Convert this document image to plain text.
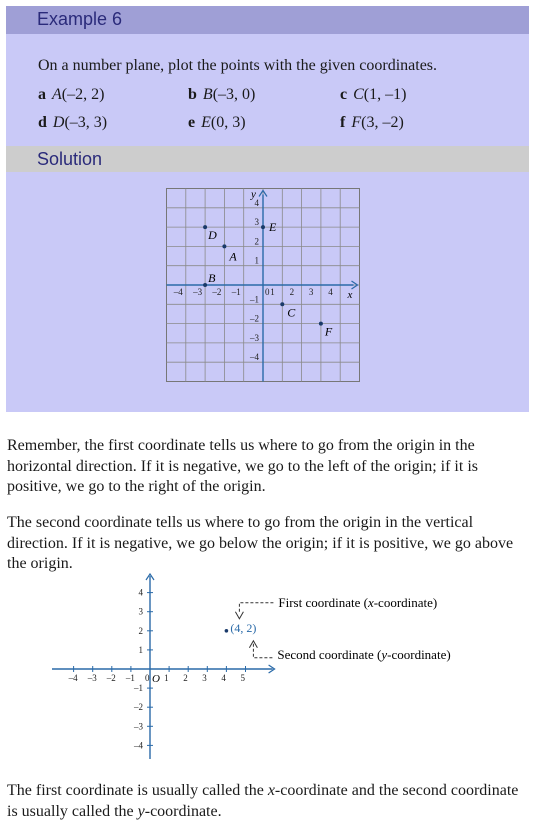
Example 6
On a number plane, plot the points with the given coordinates.
a A(–2, 2)	b B(–3, 0)	c C(1, –1)
d D(–3, 3)	e E(0, 3)	f F(3, –2)
Solution
x
y
–4 –3 –2 –1	0 1 2 3 4
4
3
2
1
–1
–2
–3
–4
A
B
C
D
E
F
Remember, the first coordinate tells us where to go from the origin in the horizontal direction. If it is negative, we go to the left of the origin; if it is positive, we go to the right of the origin.
The second coordinate tells us where to go from the origin in the vertical direction. If it is negative, we go below the origin; if it is positive, we go above the origin.
–4 –3 –2 –1 0 1 2 3 4 5
O
4
3
2
1
–1
–2
–3
–4
(4, 2)
First coordinate (x-coordinate)
Second coordinate (y-coordinate)
The first coordinate is usually called the x-coordinate and the second coordinate is usually called the y-coordinate.
